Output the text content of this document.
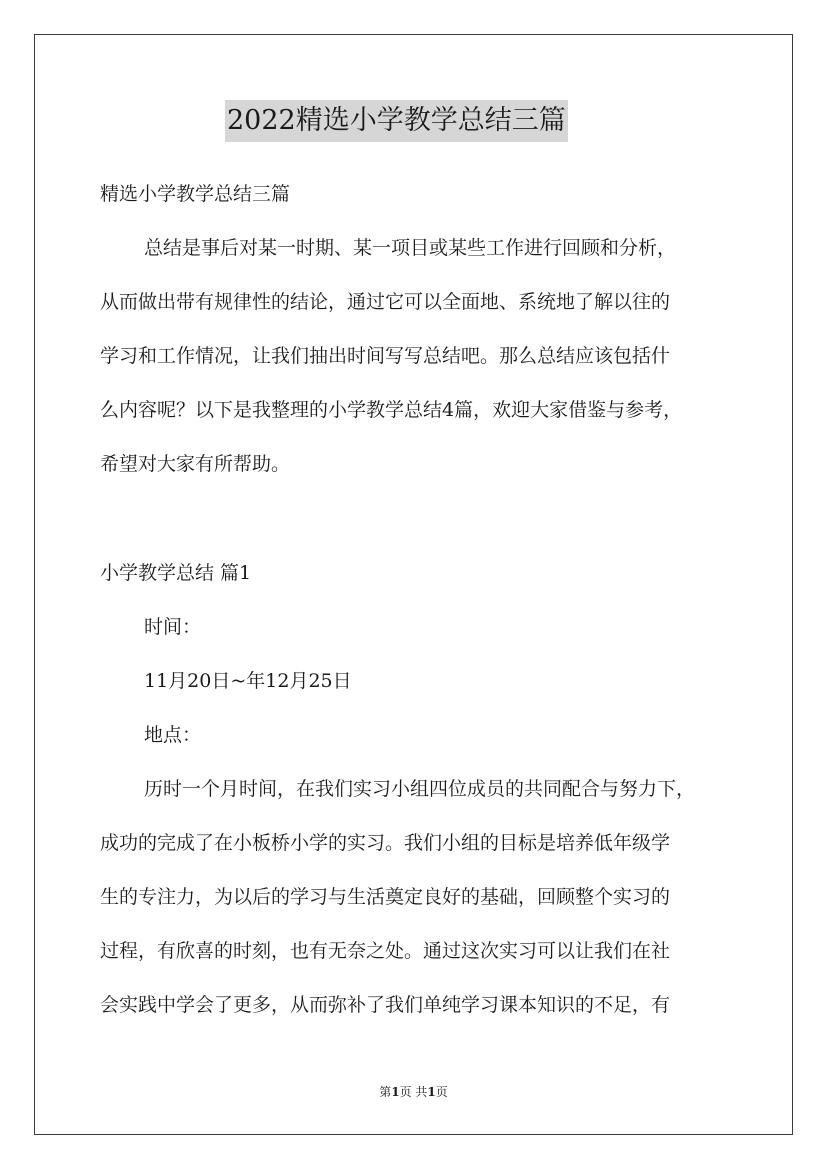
2022精选小学教学总结三篇
精选小学教学总结三篇
总结是事后对某一时期、某一项目或某些工作进行回顾和分析，
从而做出带有规律性的结论，通过它可以全面地、系统地了解以往的
学习和工作情况，让我们抽出时间写写总结吧。那么总结应该包括什
么内容呢？以下是我整理的小学教学总结4篇，欢迎大家借鉴与参考，
希望对大家有所帮助。
小学教学总结 篇1
时间：
11月20日~年12月25日
地点：
历时一个月时间，在我们实习小组四位成员的共同配合与努力下，
成功的完成了在小板桥小学的实习。我们小组的目标是培养低年级学
生的专注力，为以后的学习与生活奠定良好的基础，回顾整个实习的
过程，有欣喜的时刻，也有无奈之处。通过这次实习可以让我们在社
会实践中学会了更多，从而弥补了我们单纯学习课本知识的不足，有
第1页 共1页
